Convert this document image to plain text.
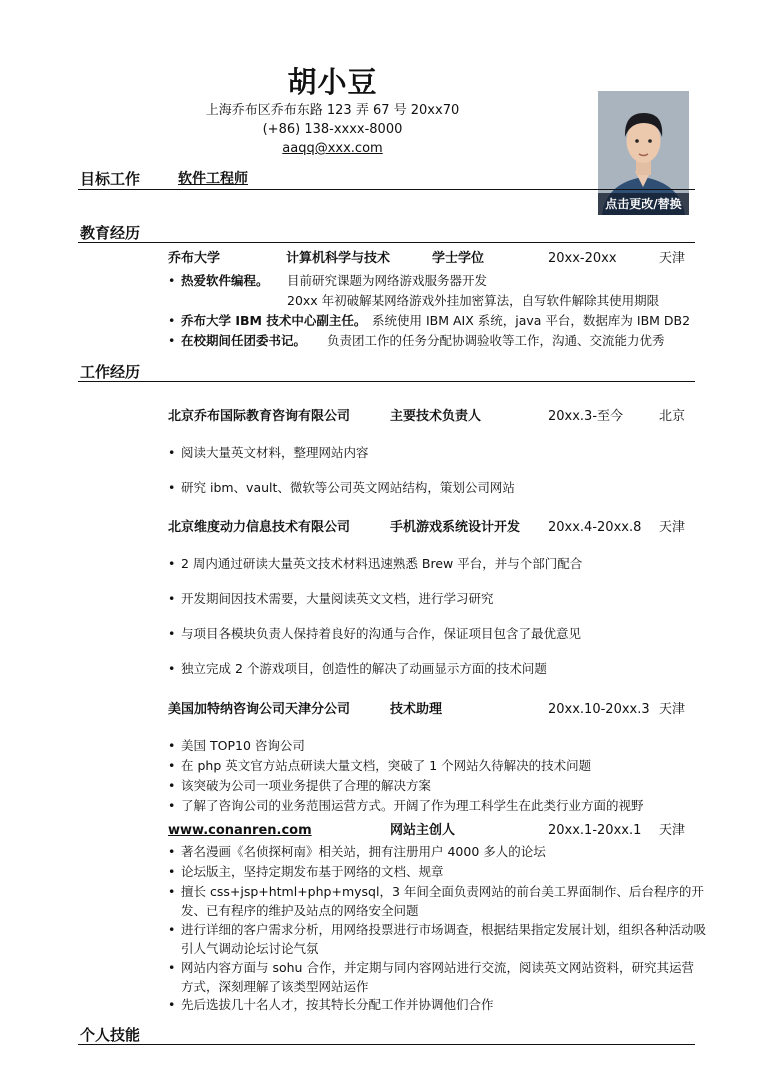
胡小豆
上海乔布区乔布东路 123 弄 67 号 20xx70
(+86) 138-xxxx-8000
aaqq@xxx.com
点击更改/替换
目标工作	软件工程师
教育经历
乔布大学	计算机科学与技术	学士学位	20xx-20xx	天津
• 热爱软件编程。 目前研究课题为网络游戏服务器开发
20xx 年初破解某网络游戏外挂加密算法，自写软件解除其使用期限
• 乔布大学 IBM 技术中心副主任。 系统使用 IBM AIX 系统，java 平台，数据库为 IBM DB2
• 在校期间任团委书记。 负责团工作的任务分配协调验收等工作，沟通、交流能力优秀
工作经历
北京乔布国际教育咨询有限公司	主要技术负责人	20xx.3-至今	北京
• 阅读大量英文材料，整理网站内容
• 研究 ibm、vault、微软等公司英文网站结构，策划公司网站
北京维度动力信息技术有限公司	手机游戏系统设计开发 20xx.4-20xx.8 天津
• 2 周内通过研读大量英文技术材料迅速熟悉 Brew 平台，并与个部门配合
• 开发期间因技术需要，大量阅读英文文档，进行学习研究
• 与项目各模块负责人保持着良好的沟通与合作，保证项目包含了最优意见
• 独立完成 2 个游戏项目，创造性的解决了动画显示方面的技术问题
美国加特纳咨询公司天津分公司	技术助理	20xx.10-20xx.3 天津
• 美国 TOP10 咨询公司
• 在 php 英文官方站点研读大量文档，突破了 1 个网站久待解决的技术问题
• 该突破为公司一项业务提供了合理的解决方案
• 了解了咨询公司的业务范围运营方式。开阔了作为理工科学生在此类行业方面的视野
www.conanren.com	网站主创人	20xx.1-20xx.1 天津
• 著名漫画《名侦探柯南》相关站，拥有注册用户 4000 多人的论坛
• 论坛版主，坚持定期发布基于网络的文档、规章
• 擅长 css+jsp+html+php+mysql，3 年间全面负责网站的前台美工界面制作、后台程序的开发、已有程序的维护及站点的网络安全问题
• 进行详细的客户需求分析，用网络投票进行市场调查，根据结果指定发展计划，组织各种活动吸引人气调动论坛讨论气氛
• 网站内容方面与 sohu 合作，并定期与同内容网站进行交流，阅读英文网站资料，研究其运营方式，深刻理解了该类型网站运作
• 先后选拔几十名人才，按其特长分配工作并协调他们合作
个人技能
